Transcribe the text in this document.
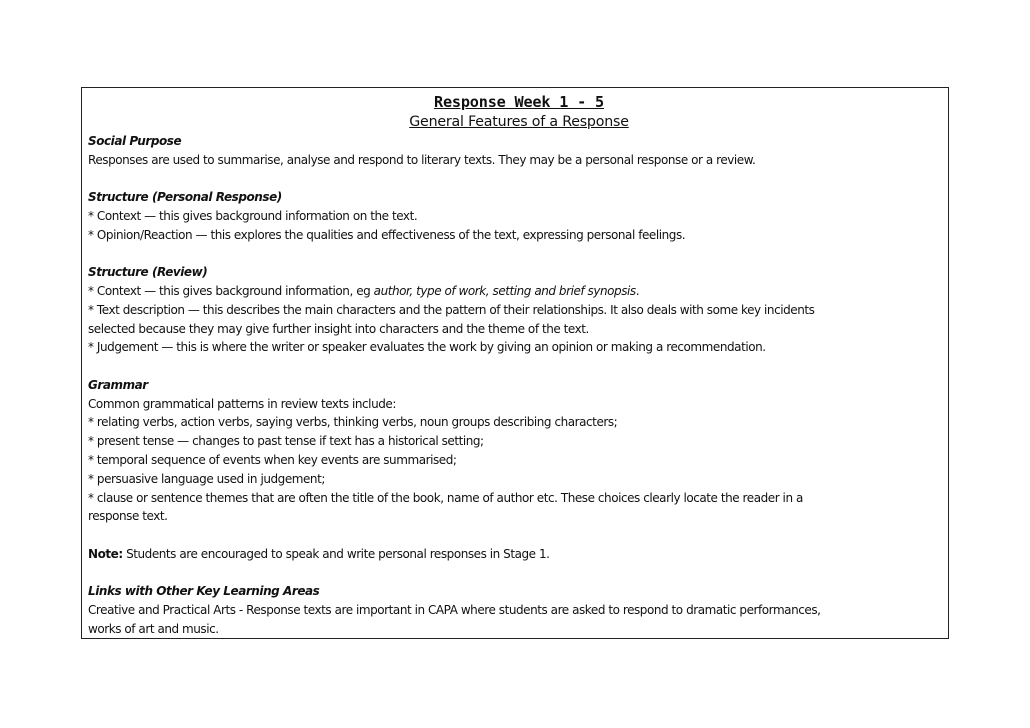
Response Week 1 - 5
General Features of a Response
Social Purpose
Responses are used to summarise, analyse and respond to literary texts. They may be a personal response or a review.
Structure (Personal Response)
* Context — this gives background information on the text.
* Opinion/Reaction — this explores the qualities and effectiveness of the text, expressing personal feelings.
Structure (Review)
* Context — this gives background information, eg author, type of work, setting and brief synopsis.
* Text description — this describes the main characters and the pattern of their relationships. It also deals with some key incidents
selected because they may give further insight into characters and the theme of the text.
* Judgement — this is where the writer or speaker evaluates the work by giving an opinion or making a recommendation.
Grammar
Common grammatical patterns in review texts include:
* relating verbs, action verbs, saying verbs, thinking verbs, noun groups describing characters;
* present tense — changes to past tense if text has a historical setting;
* temporal sequence of events when key events are summarised;
* persuasive language used in judgement;
* clause or sentence themes that are often the title of the book, name of author etc. These choices clearly locate the reader in a
response text.
Note: Students are encouraged to speak and write personal responses in Stage 1.
Links with Other Key Learning Areas
Creative and Practical Arts - Response texts are important in CAPA where students are asked to respond to dramatic performances,
works of art and music.
